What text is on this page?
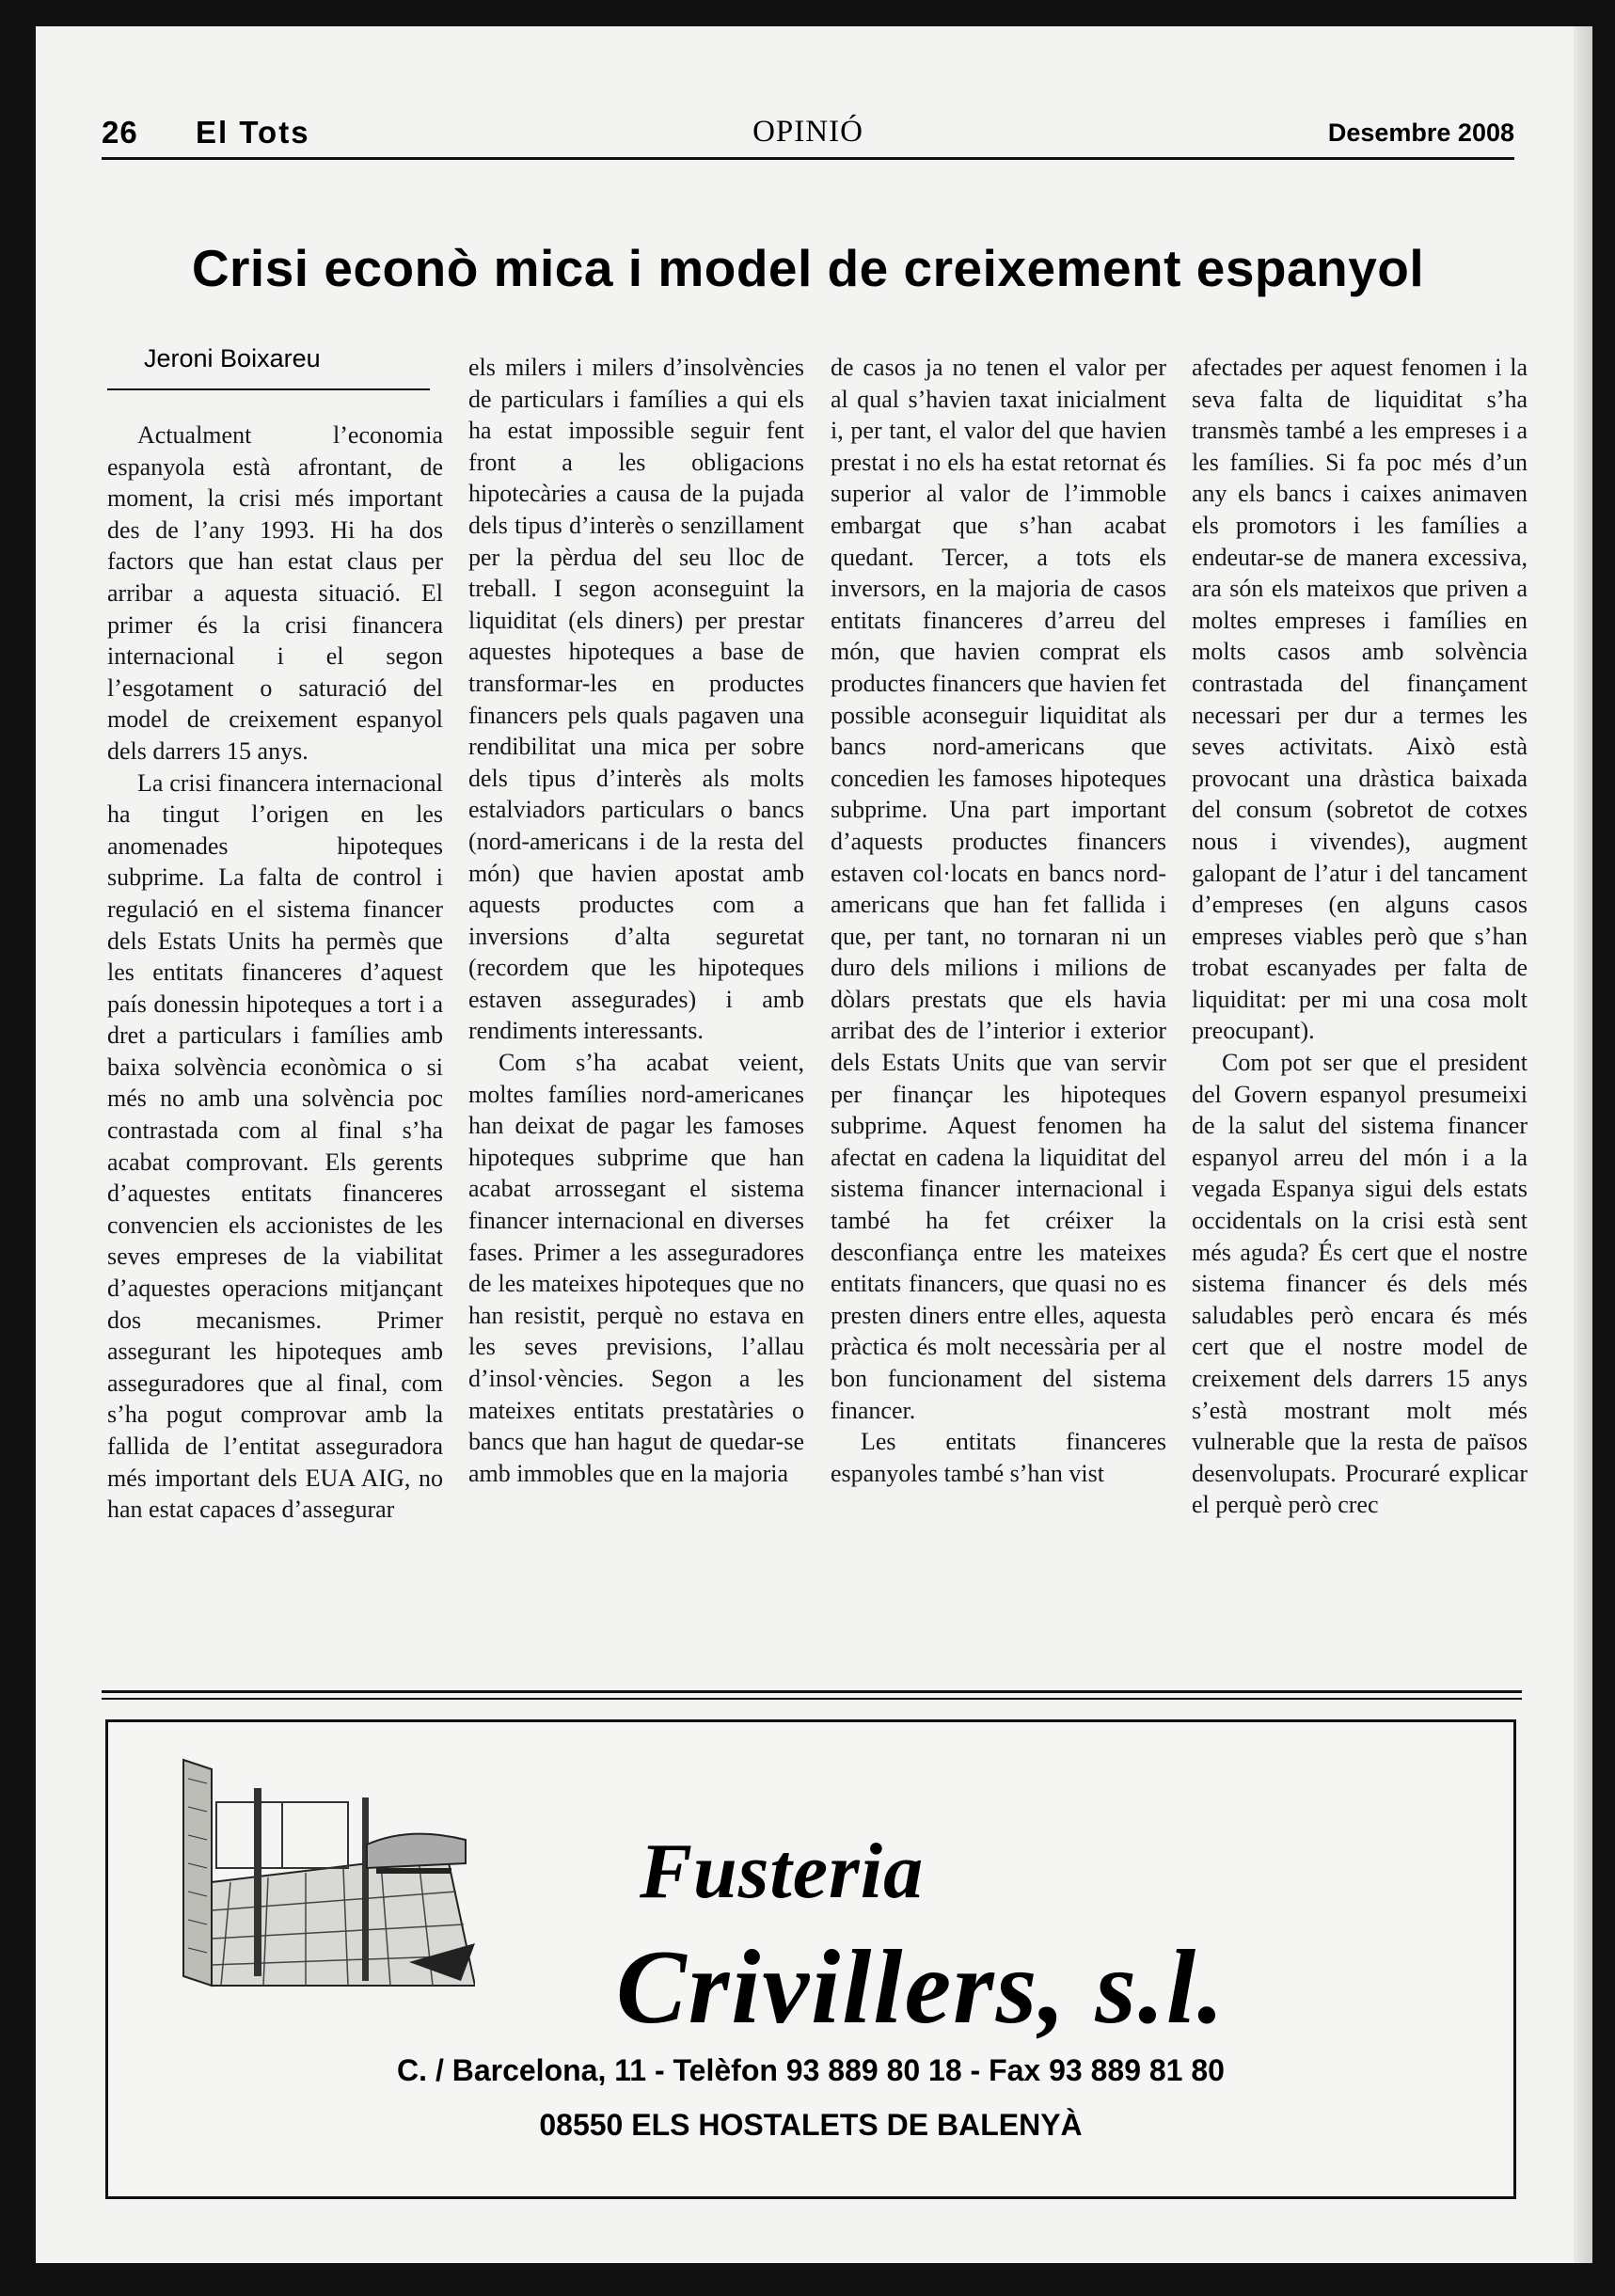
26 El Tots	OPINIÓ	Desembre 2008
Crisi econò mica i model de creixement espanyol
Jeroni Boixareu

Actualment l’economia espanyola està afrontant, de moment, la crisi més important des de l’any 1993. Hi ha dos factors que han estat claus per arribar a aquesta situació. El primer és la crisi financera internacional i el segon l’esgotament o saturació del model de creixement espanyol dels darrers 15 anys.

La crisi financera internacional ha tingut l’origen en les anomenades hipoteques subprime. La falta de control i regulació en el sistema financer dels Estats Units ha permès que les entitats financeres d’aquest país donessin hipoteques a tort i a dret a particulars i famílies amb baixa solvència econòmica o si més no amb una solvència poc contrastada com al final s’ha acabat comprovant. Els gerents d’aquestes entitats financeres convencien els accionistes de les seves empreses de la viabilitat d’aquestes operacions mitjançant dos mecanismes. Primer assegurant les hipoteques amb asseguradores que al final, com s’ha pogut comprovar amb la fallida de l’entitat asseguradora més important dels EUA AIG, no han estat capaces d’assegurar

els milers i milers d’insolvències de particulars i famílies a qui els ha estat impossible seguir fent front a les obligacions hipotecàries a causa de la pujada dels tipus d’interès o senzillament per la pèrdua del seu lloc de treball. I segon aconseguint la liquiditat (els diners) per prestar aquestes hipoteques a base de transformar-les en productes financers pels quals pagaven una rendibilitat una mica per sobre dels tipus d’interès als molts estalviadors particulars o bancs (nord-americans i de la resta del món) que havien apostat amb aquests productes com a inversions d’alta seguretat (recordem que les hipoteques estaven assegurades) i amb rendiments interessants.

Com s’ha acabat veient, moltes famílies nord-americanes han deixat de pagar les famoses hipoteques subprime que han acabat arrossegant el sistema financer internacional en diverses fases. Primer a les asseguradores de les mateixes hipoteques que no han resistit, perquè no estava en les seves previsions, l’allau d’insol·vències. Segon a les mateixes entitats prestatàries o bancs que han hagut de quedar-se amb immobles que en la majoria

de casos ja no tenen el valor per al qual s’havien taxat inicialment i, per tant, el valor del que havien prestat i no els ha estat retornat és superior al valor de l’immoble embargat que s’han acabat quedant. Tercer, a tots els inversors, en la majoria de casos entitats financeres d’arreu del món, que havien comprat els productes financers que havien fet possible aconseguir liquiditat als bancs nord-americans que concedien les famoses hipoteques subprime. Una part important d’aquests productes financers estaven col·locats en bancs nord-americans que han fet fallida i que, per tant, no tornaran ni un duro dels milions i milions de dòlars prestats que els havia arribat des de l’interior i exterior dels Estats Units que van servir per finançar les hipoteques subprime. Aquest fenomen ha afectat en cadena la liquiditat del sistema financer internacional i també ha fet créixer la desconfiança entre les mateixes entitats financers, que quasi no es presten diners entre elles, aquesta pràctica és molt necessària per al bon funcionament del sistema financer.

Les entitats financeres espanyoles també s’han vist

afectades per aquest fenomen i la seva falta de liquiditat s’ha transmès també a les empreses i a les famílies. Si fa poc més d’un any els bancs i caixes animaven els promotors i les famílies a endeutar-se de manera excessiva, ara són els mateixos que priven a moltes empreses i famílies en molts casos amb solvència contrastada del finançament necessari per dur a termes les seves activitats. Això està provocant una dràstica baixada del consum (sobretot de cotxes nous i vivendes), augment galopant de l’atur i del tancament d’empreses (en alguns casos empreses viables però que s’han trobat escanyades per falta de liquiditat: per mi una cosa molt preocupant).

Com pot ser que el president del Govern espanyol presumeixi de la salut del sistema financer espanyol arreu del món i a la vegada Espanya sigui dels estats occidentals on la crisi està sent més aguda? És cert que el nostre sistema financer és dels més saludables però encara és més cert que el nostre model de creixement dels darrers 15 anys s’està mostrant molt més vulnerable que la resta de països desenvolupats. Procuraré explicar el perquè però crec

Fusteria
Crivillers, s.l.
C. / Barcelona, 11 - Telèfon 93 889 80 18 - Fax 93 889 81 80
08550 ELS HOSTALETS DE BALENYÀ
